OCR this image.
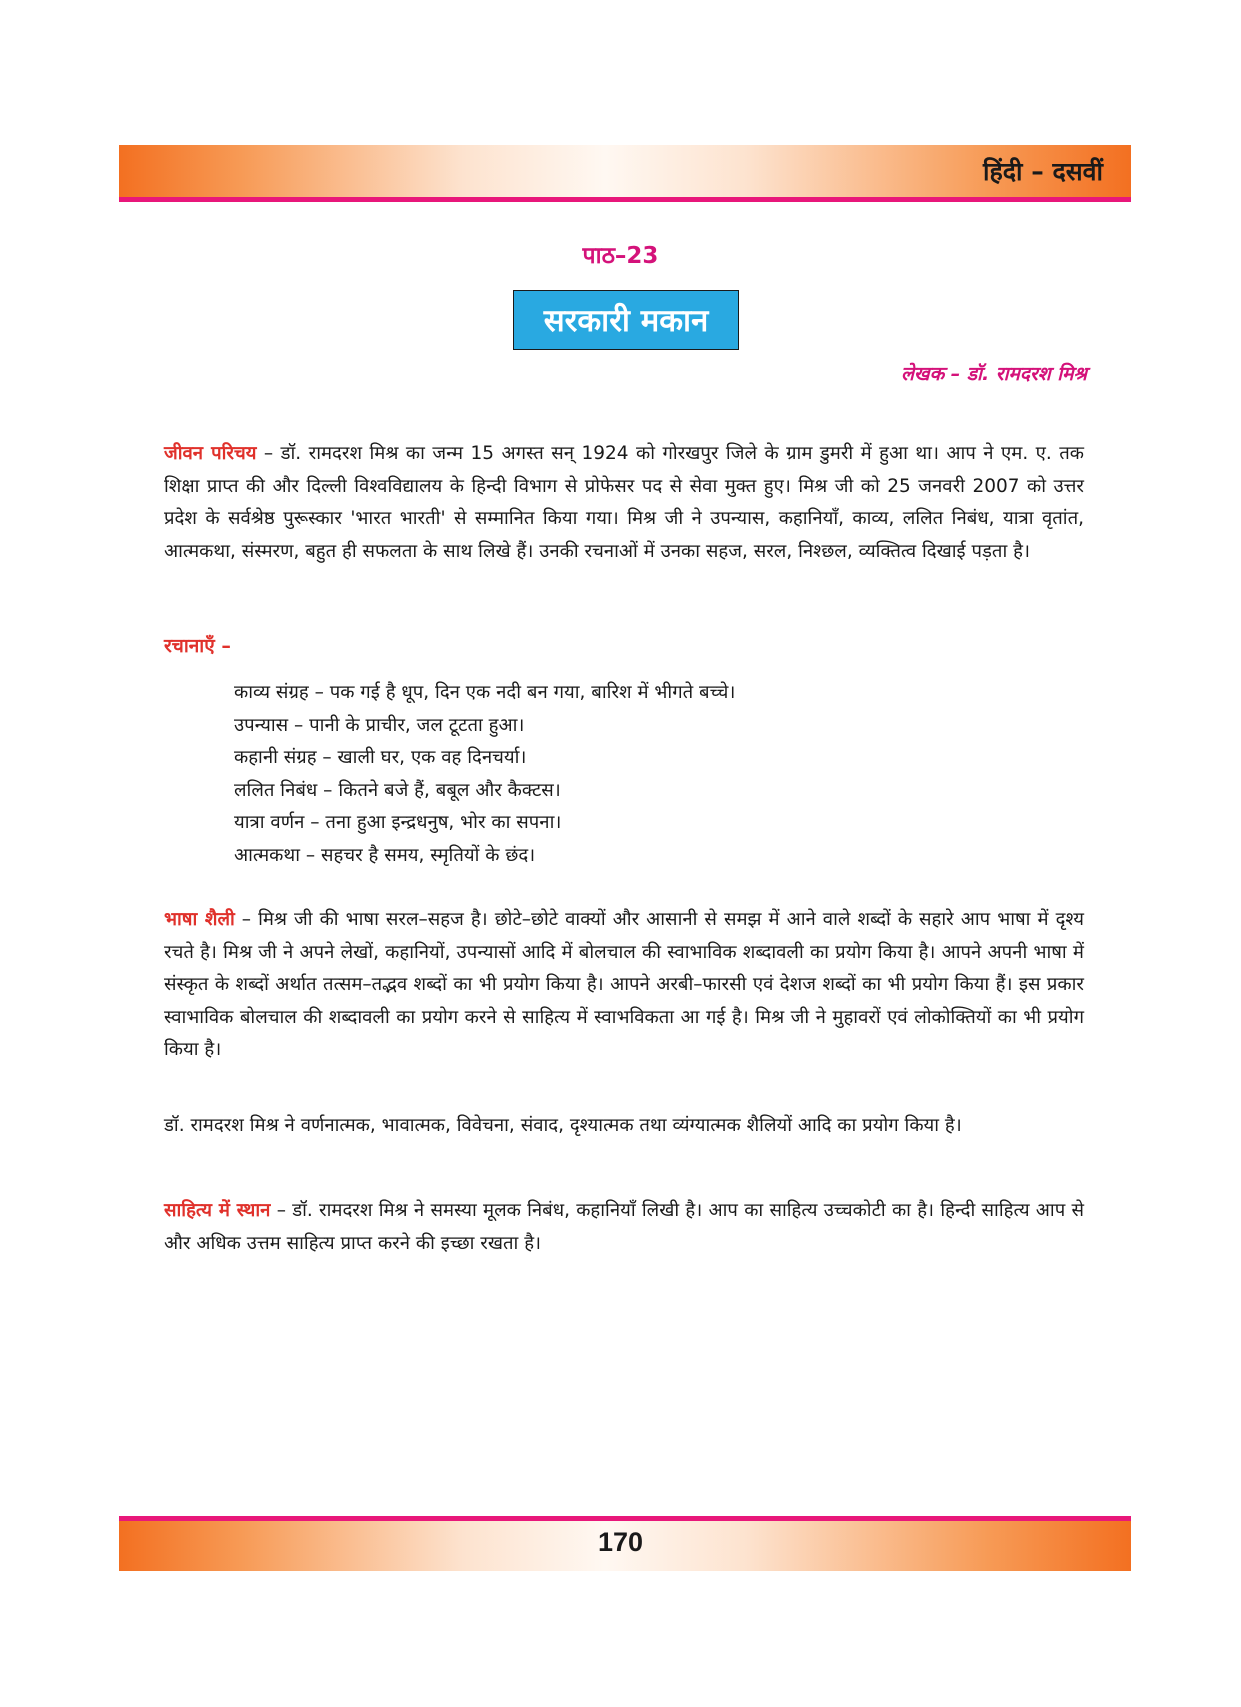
हिंदी – दसवीं
पाठ–23
सरकारी मकान
लेखक – डॉ. रामदरश मिश्र

जीवन परिचय – डॉ. रामदरश मिश्र का जन्म 15 अगस्त सन् 1924 को गोरखपुर जिले के ग्राम डुमरी में हुआ था। आप ने एम. ए. तक शिक्षा प्राप्त की और दिल्ली विश्वविद्यालय के हिन्दी विभाग से प्रोफेसर पद से सेवा मुक्त हुए। मिश्र जी को 25 जनवरी 2007 को उत्तर प्रदेश के सर्वश्रेष्ठ पुरूस्कार 'भारत भारती' से सम्मानित किया गया। मिश्र जी ने उपन्यास, कहानियाँ, काव्य, ललित निबंध, यात्रा वृतांत, आत्मकथा, संस्मरण, बहुत ही सफलता के साथ लिखे हैं। उनकी रचनाओं में उनका सहज, सरल, निश्छल, व्यक्तित्व दिखाई पड़ता है।

रचानाएँ –
काव्य संग्रह – पक गई है धूप, दिन एक नदी बन गया, बारिश में भीगते बच्चे।
उपन्यास – पानी के प्राचीर, जल टूटता हुआ।
कहानी संग्रह – खाली घर, एक वह दिनचर्या।
ललित निबंध – कितने बजे हैं, बबूल और कैक्टस।
यात्रा वर्णन – तना हुआ इन्द्रधनुष, भोर का सपना।
आत्मकथा – सहचर है समय, स्मृतियों के छंद।

भाषा शैली – मिश्र जी की भाषा सरल–सहज है। छोटे–छोटे वाक्यों और आसानी से समझ में आने वाले शब्दों के सहारे आप भाषा में दृश्य रचते है। मिश्र जी ने अपने लेखों, कहानियों, उपन्यासों आदि में बोलचाल की स्वाभाविक शब्दावली का प्रयोग किया है। आपने अपनी भाषा में संस्कृत के शब्दों अर्थात तत्सम–तद्भव शब्दों का भी प्रयोग किया है। आपने अरबी–फारसी एवं देशज शब्दों का भी प्रयोग किया हैं। इस प्रकार स्वाभाविक बोलचाल की शब्दावली का प्रयोग करने से साहित्य में स्वाभविकता आ गई है। मिश्र जी ने मुहावरों एवं लोकोक्तियों का भी प्रयोग किया है।

डॉ. रामदरश मिश्र ने वर्णनात्मक, भावात्मक, विवेचना, संवाद, दृश्यात्मक तथा व्यंग्यात्मक शैलियों आदि का प्रयोग किया है।

साहित्य में स्थान – डॉ. रामदरश मिश्र ने समस्या मूलक निबंध, कहानियाँ लिखी है। आप का साहित्य उच्चकोटी का है। हिन्दी साहित्य आप से और अधिक उत्तम साहित्य प्राप्त करने की इच्छा रखता है।

170
